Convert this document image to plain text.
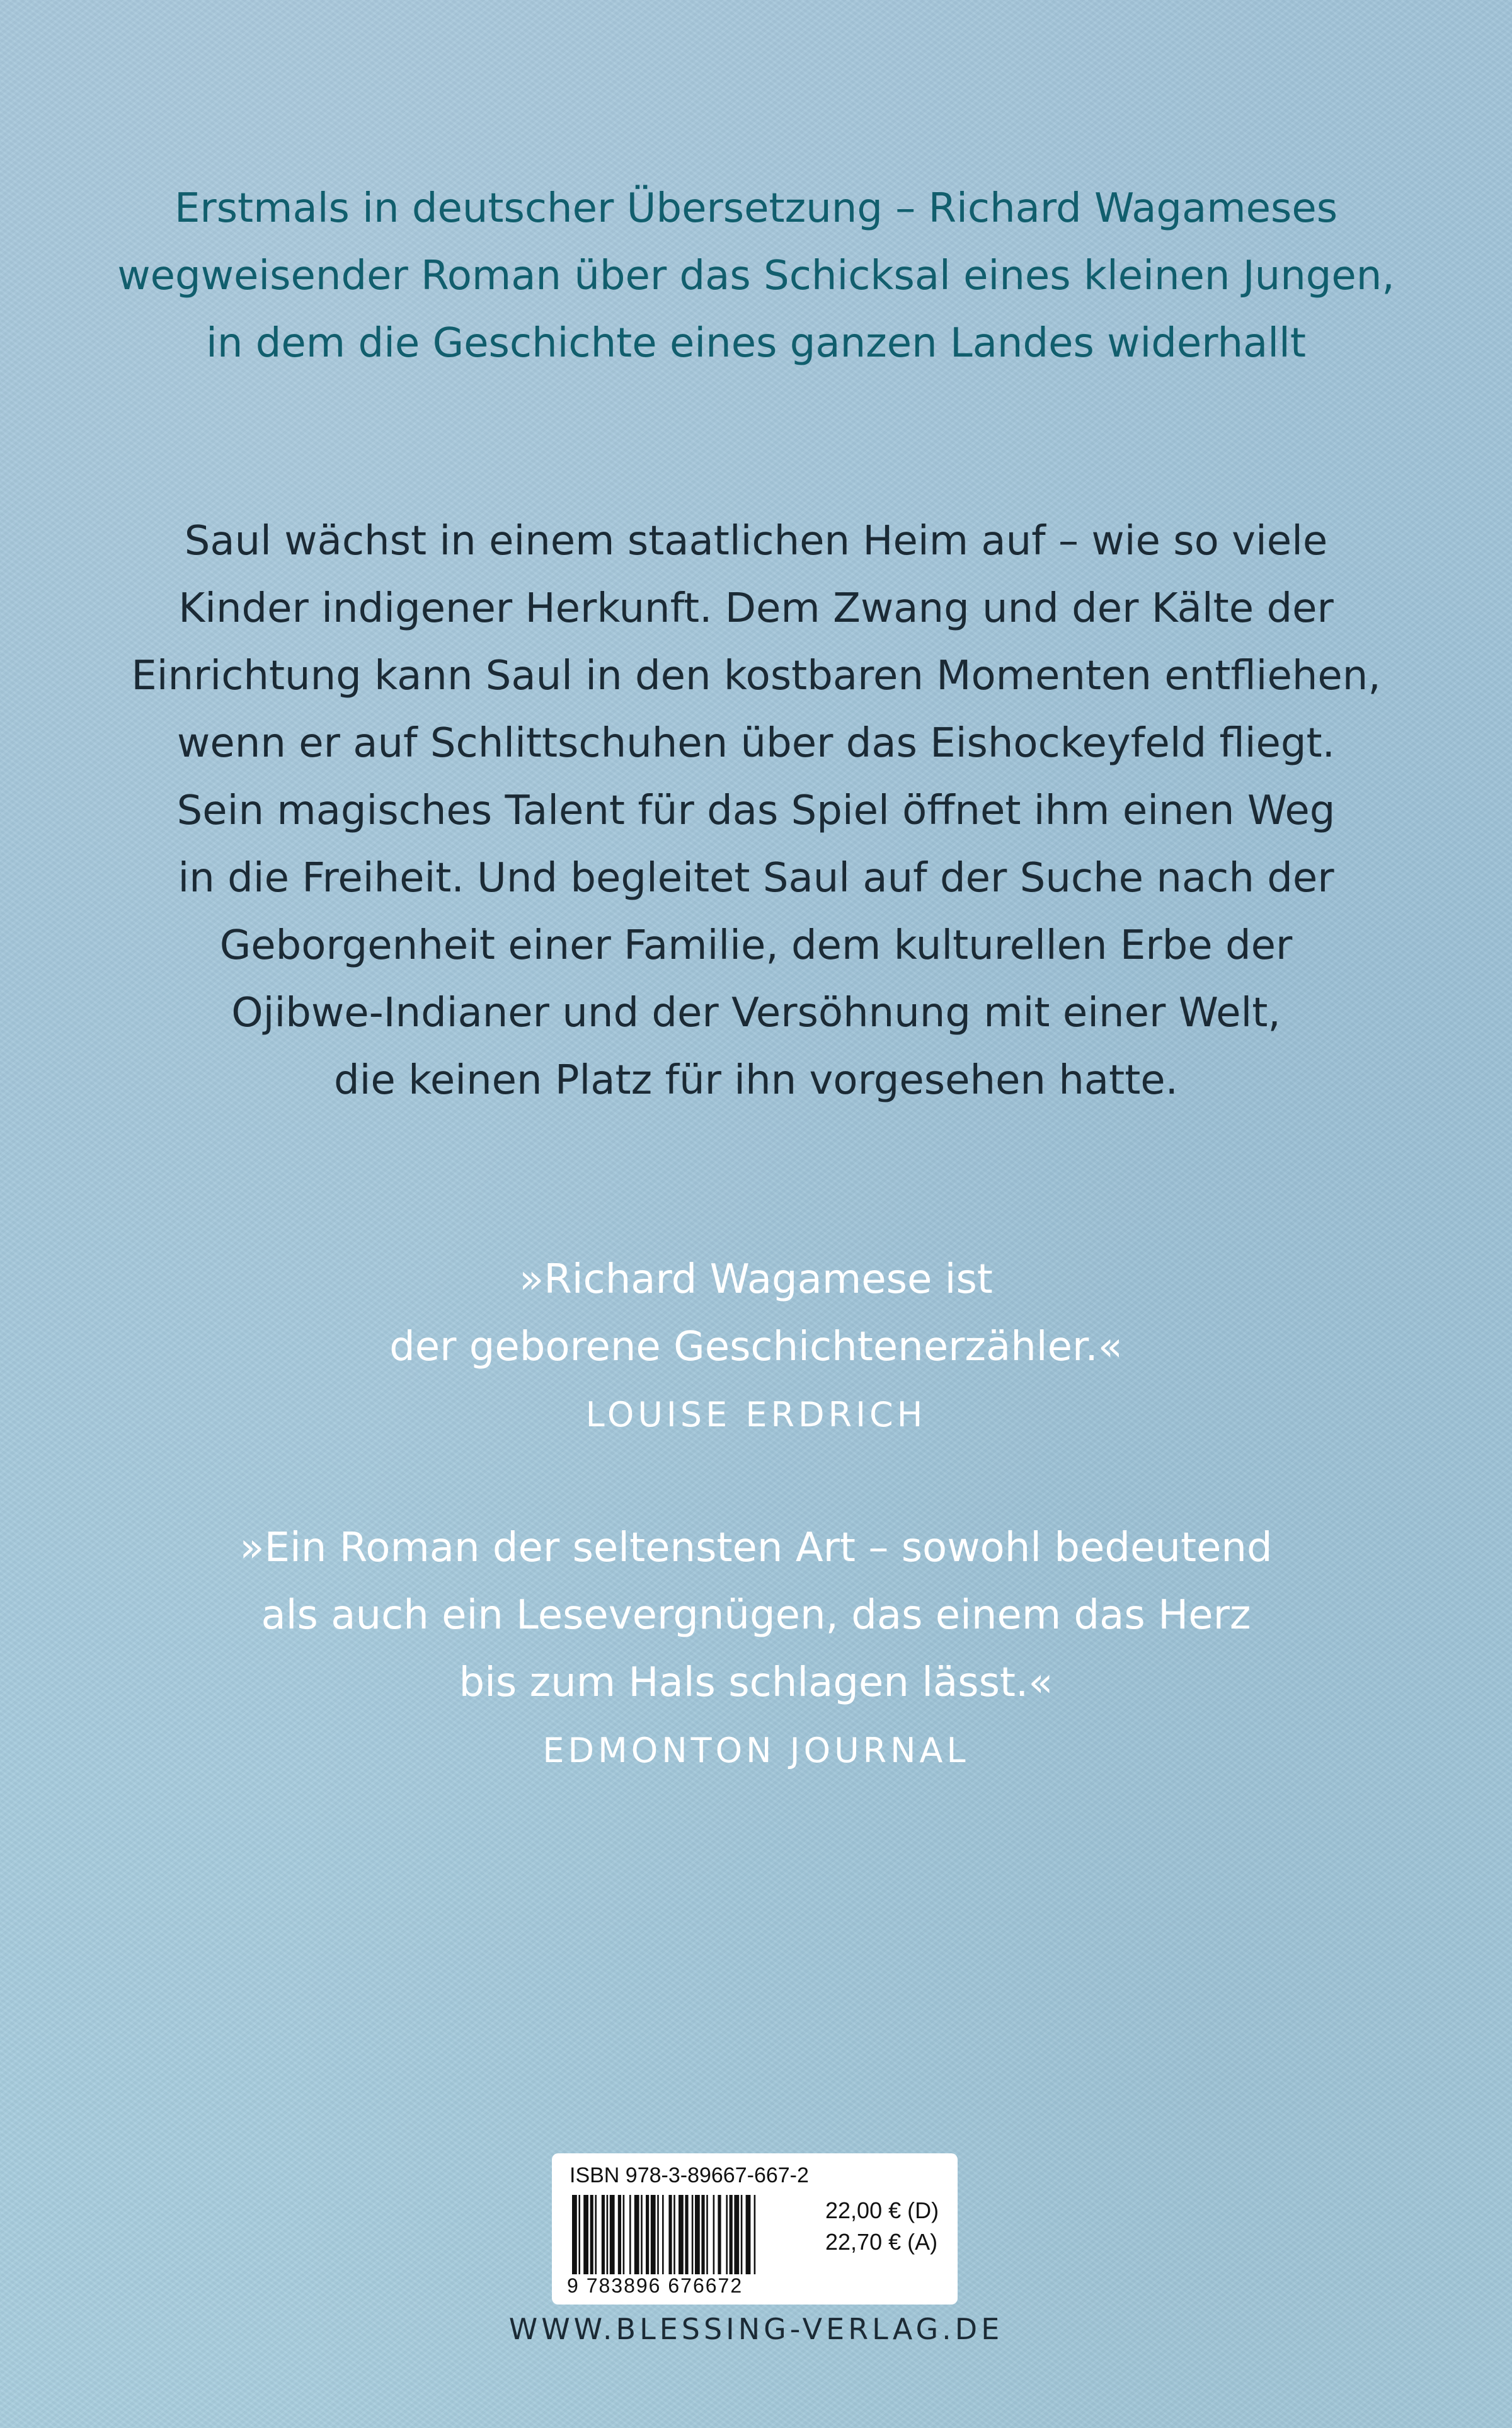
Erstmals in deutscher Übersetzung – Richard Wagameses
wegweisender Roman über das Schicksal eines kleinen Jungen,
in dem die Geschichte eines ganzen Landes widerhallt
Saul wächst in einem staatlichen Heim auf – wie so viele
Kinder indigener Herkunft. Dem Zwang und der Kälte der
Einrichtung kann Saul in den kostbaren Momenten entfliehen,
wenn er auf Schlittschuhen über das Eishockeyfeld fliegt.
Sein magisches Talent für das Spiel öffnet ihm einen Weg
in die Freiheit. Und begleitet Saul auf der Suche nach der
Geborgenheit einer Familie, dem kulturellen Erbe der
Ojibwe-Indianer und der Versöhnung mit einer Welt,
die keinen Platz für ihn vorgesehen hatte.
»Richard Wagamese ist
der geborene Geschichtenerzähler.«
LOUISE ERDRICH
»Ein Roman der seltensten Art – sowohl bedeutend
als auch ein Lesevergnügen, das einem das Herz
bis zum Hals schlagen lässt.«
EDMONTON JOURNAL
ISBN 978-3-89667-667-2
9 783896 676672
22,00 € (D)
22,70 € (A)
WWW.BLESSING-VERLAG.DE
